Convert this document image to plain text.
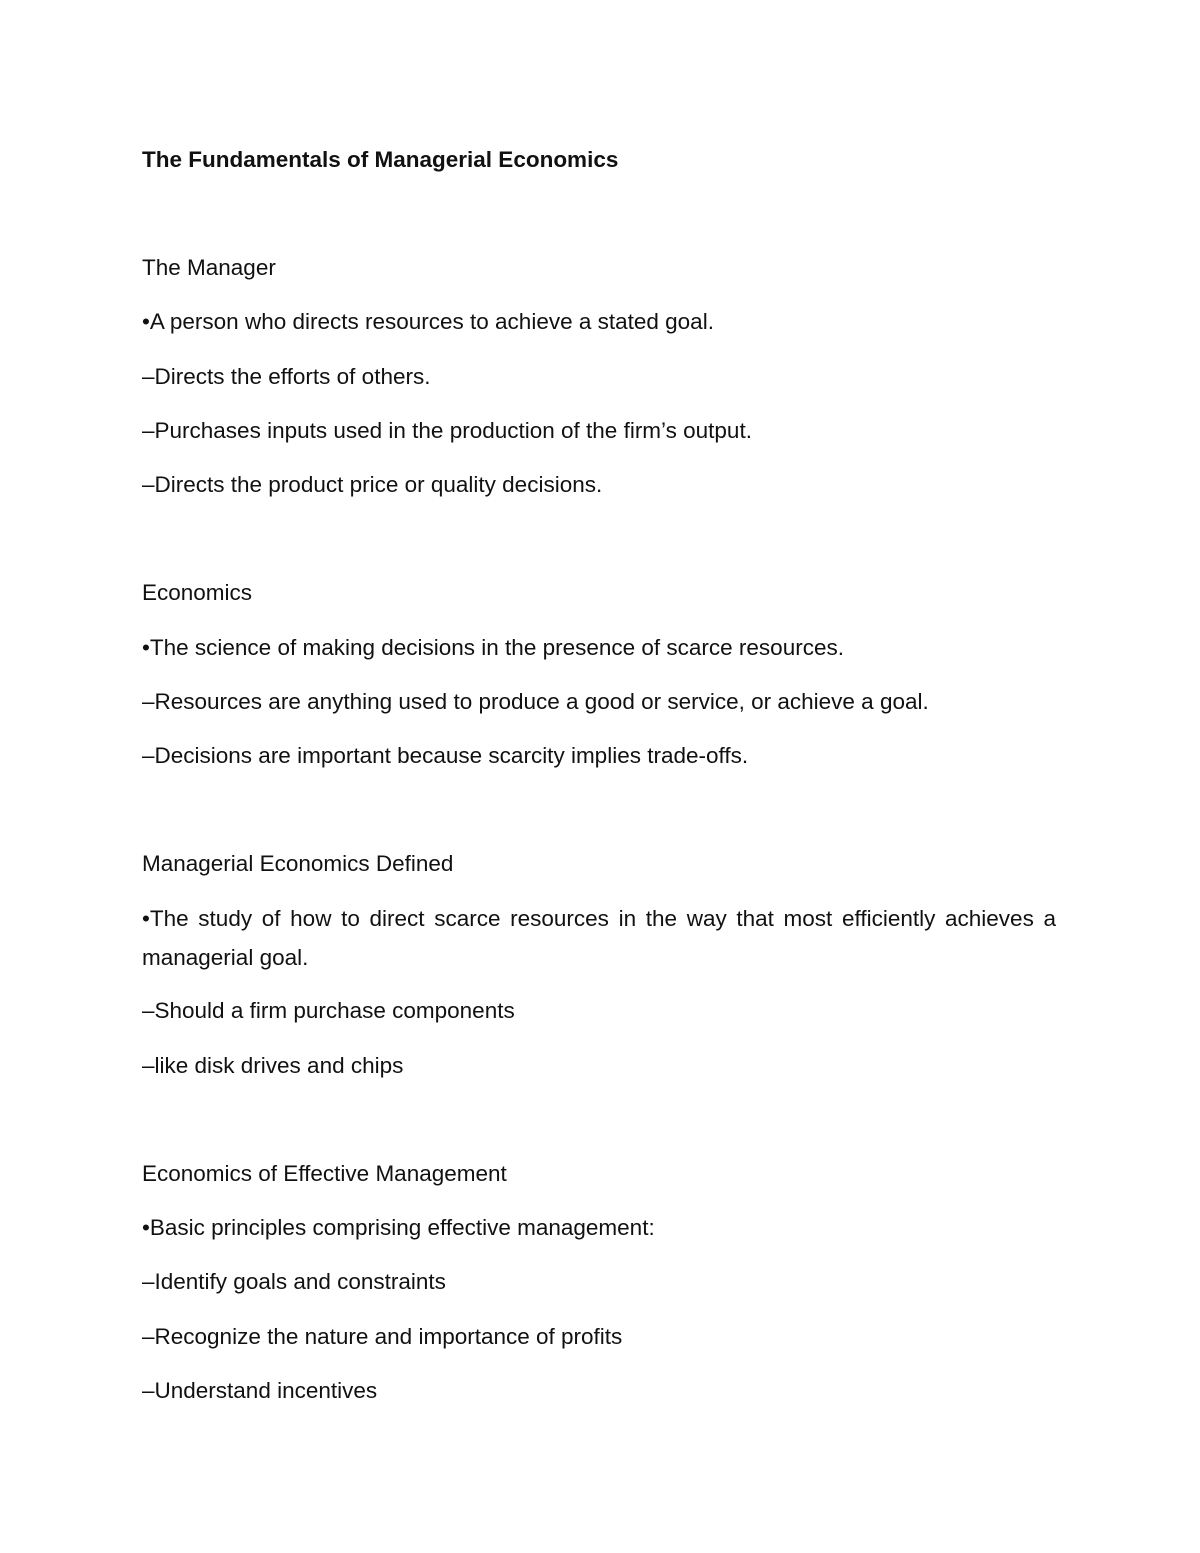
The Fundamentals of Managerial Economics
The Manager
•A person who directs resources to achieve a stated goal.
–Directs the efforts of others.
–Purchases inputs used in the production of the firm’s output.
–Directs the product price or quality decisions.
Economics
•The science of making decisions in the presence of scarce resources.
–Resources are anything used to produce a good or service, or achieve a goal.
–Decisions are important because scarcity implies trade-offs.
Managerial Economics Defined
•The study of how to direct scarce resources in the way that most efficiently achieves a managerial goal.
–Should a firm purchase components
–like disk drives and chips
Economics of Effective Management
•Basic principles comprising effective management:
–Identify goals and constraints
–Recognize the nature and importance of profits
–Understand incentives
